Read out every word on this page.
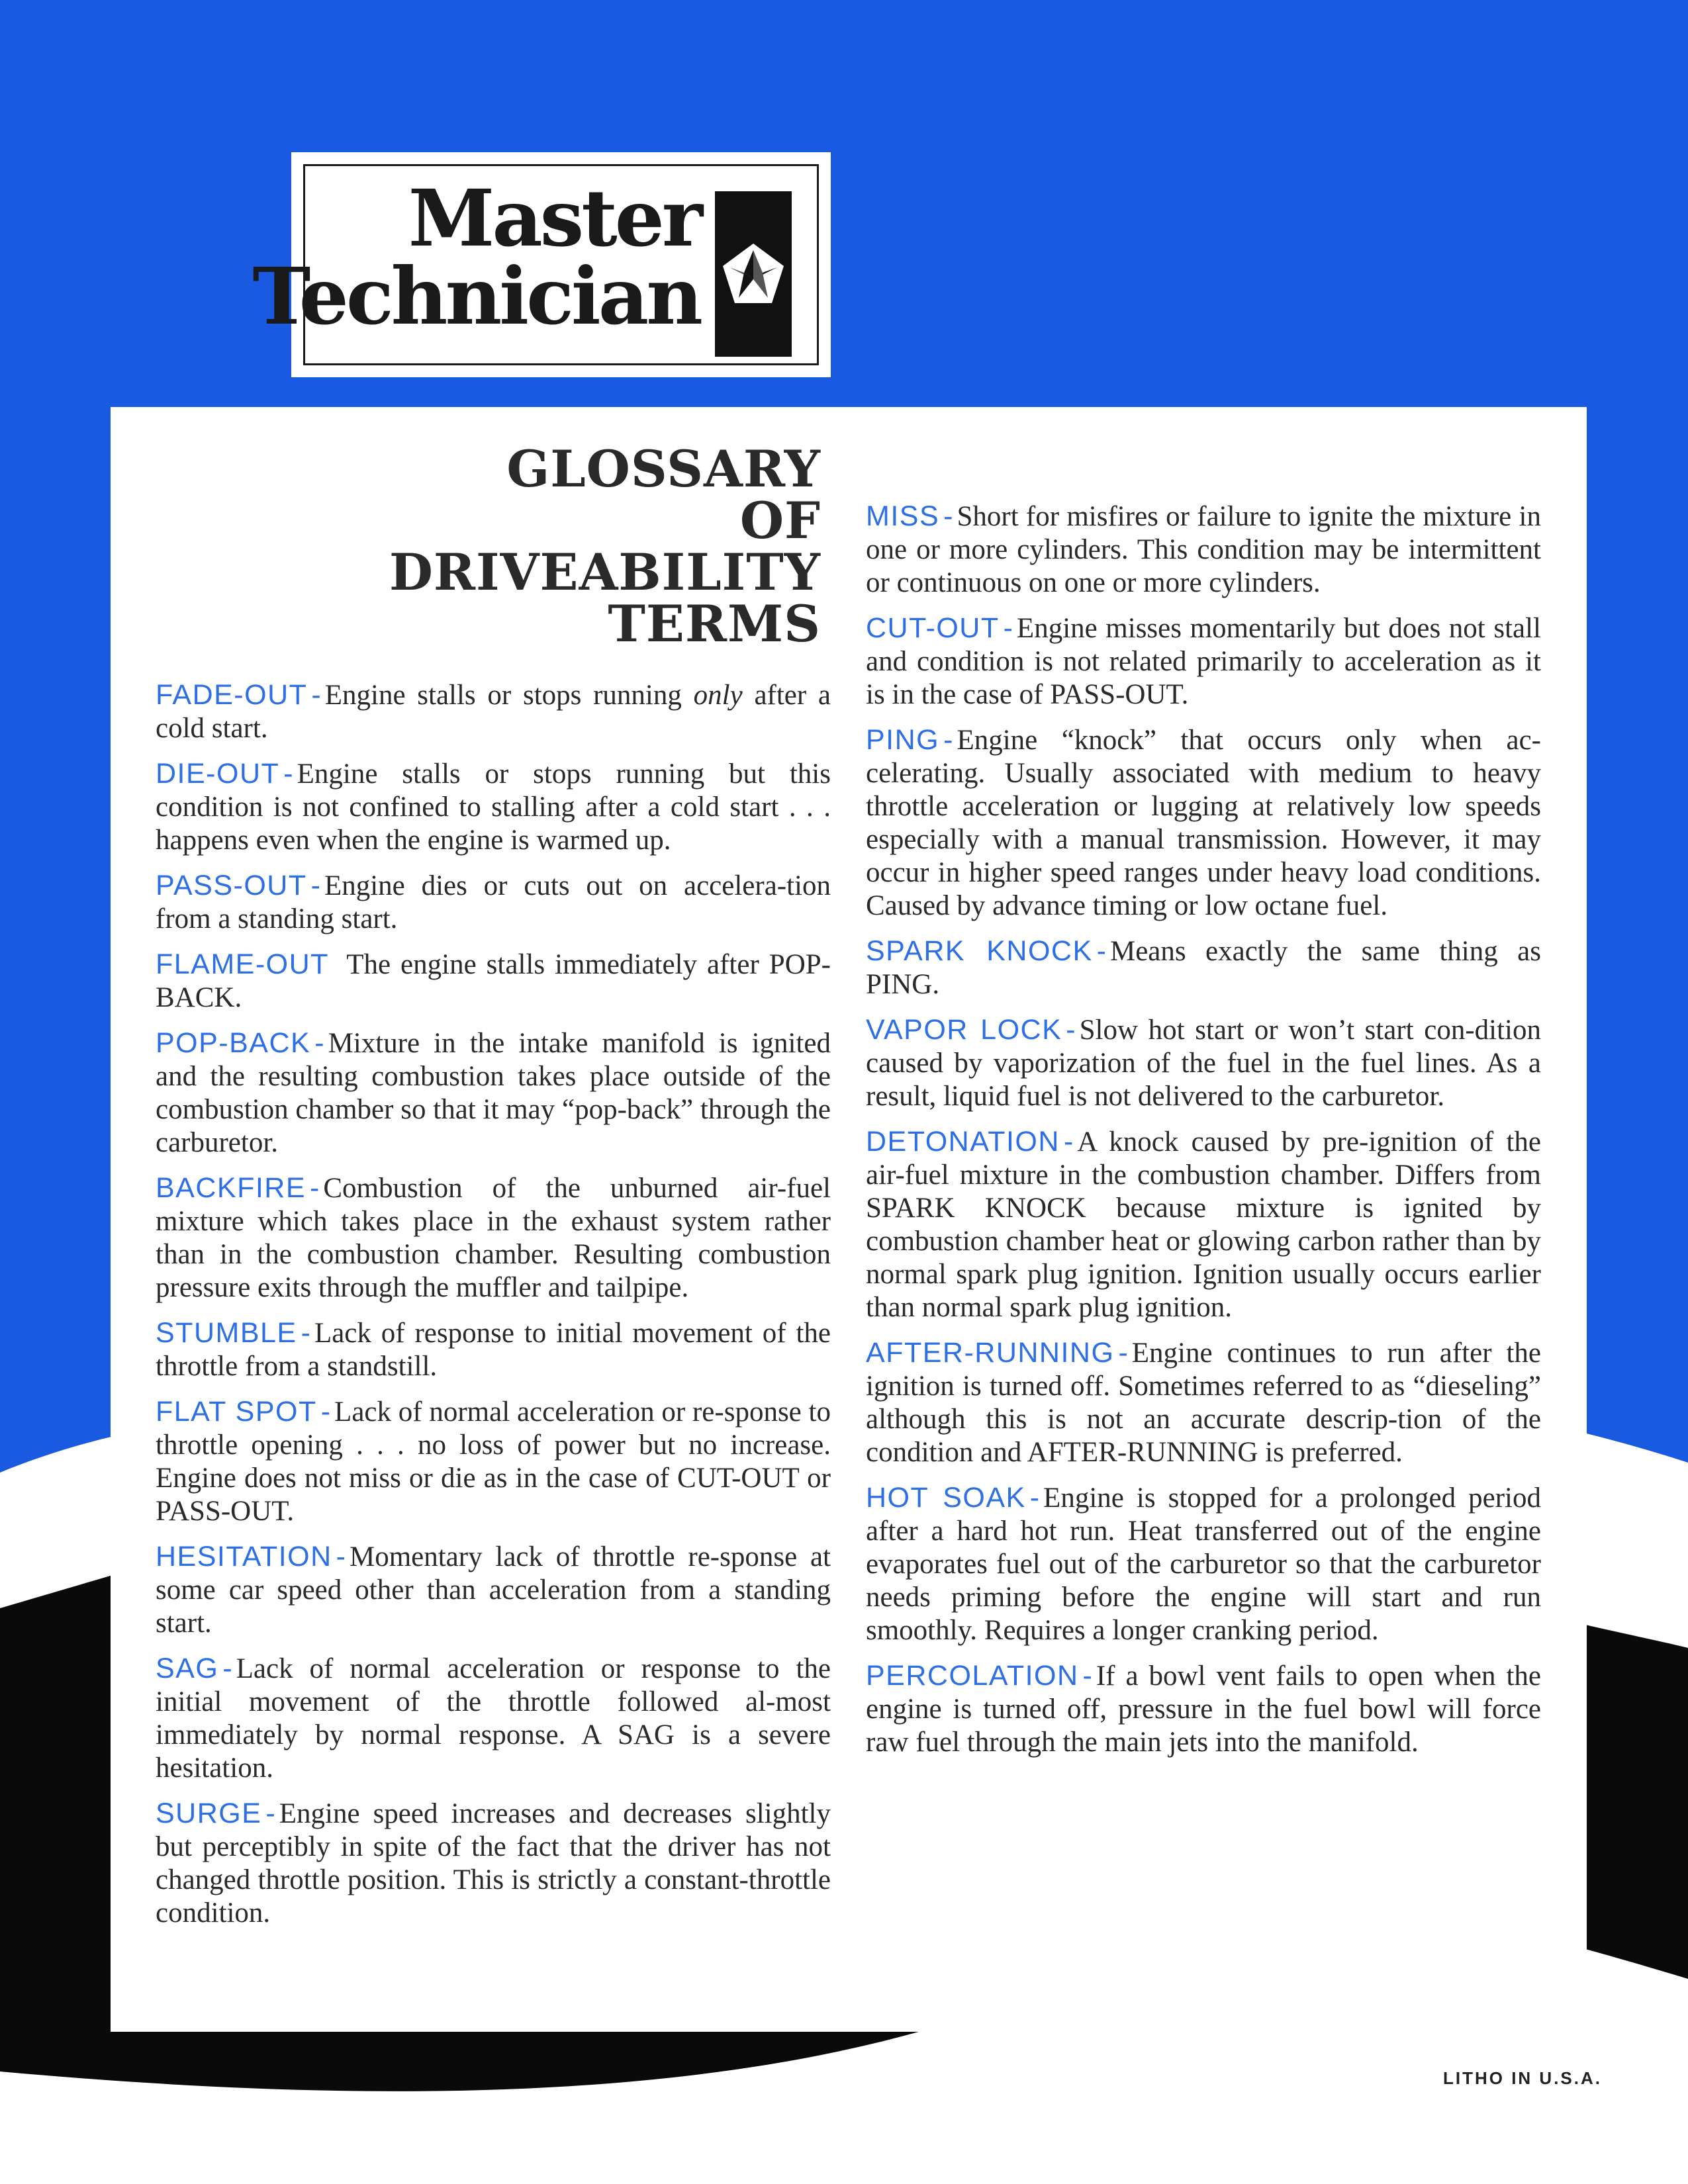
Master
Technician
GLOSSARY
OF
DRIVEABILITY
TERMS

FADE-OUT - Engine stalls or stops running only after a cold start.

DIE-OUT - Engine stalls or stops running but this condition is not confined to stalling after a cold start . . . happens even when the engine is warmed up.

PASS-OUT - Engine dies or cuts out on accelera-tion from a standing start.

FLAME-OUT The engine stalls immediately after POP-BACK.

POP-BACK - Mixture in the intake manifold is ignited and the resulting combustion takes place outside of the combustion chamber so that it may “pop-back” through the carburetor.

BACKFIRE - Combustion of the unburned air-fuel mixture which takes place in the exhaust system rather than in the combustion chamber. Resulting combustion pressure exits through the muffler and tailpipe.

STUMBLE - Lack of response to initial movement of the throttle from a standstill.

FLAT SPOT - Lack of normal acceleration or re-sponse to throttle opening . . . no loss of power but no increase. Engine does not miss or die as in the case of CUT-OUT or PASS-OUT.

HESITATION - Momentary lack of throttle re-sponse at some car speed other than acceleration from a standing start.

SAG - Lack of normal acceleration or response to the initial movement of the throttle followed al-most immediately by normal response. A SAG is a severe hesitation.

SURGE - Engine speed increases and decreases slightly but perceptibly in spite of the fact that the driver has not changed throttle position. This is strictly a constant-throttle condition.

MISS - Short for misfires or failure to ignite the mixture in one or more cylinders. This condition may be intermittent or continuous on one or more cylinders.

CUT-OUT - Engine misses momentarily but does not stall and condition is not related primarily to acceleration as it is in the case of PASS-OUT.

PING - Engine “knock” that occurs only when ac-celerating. Usually associated with medium to heavy throttle acceleration or lugging at relatively low speeds especially with a manual transmission. However, it may occur in higher speed ranges under heavy load conditions. Caused by advance timing or low octane fuel.

SPARK KNOCK - Means exactly the same thing as PING.

VAPOR LOCK - Slow hot start or won’t start con-dition caused by vaporization of the fuel in the fuel lines. As a result, liquid fuel is not delivered to the carburetor.

DETONATION - A knock caused by pre-ignition of the air-fuel mixture in the combustion chamber. Differs from SPARK KNOCK because mixture is ignited by combustion chamber heat or glowing carbon rather than by normal spark plug ignition. Ignition usually occurs earlier than normal spark plug ignition.

AFTER-RUNNING - Engine continues to run after the ignition is turned off. Sometimes referred to as “dieseling” although this is not an accurate descrip-tion of the condition and AFTER-RUNNING is preferred.

HOT SOAK - Engine is stopped for a prolonged period after a hard hot run. Heat transferred out of the engine evaporates fuel out of the carburetor so that the carburetor needs priming before the engine will start and run smoothly. Requires a longer cranking period.

PERCOLATION - If a bowl vent fails to open when the engine is turned off, pressure in the fuel bowl will force raw fuel through the main jets into the manifold.

LITHO IN U.S.A.
